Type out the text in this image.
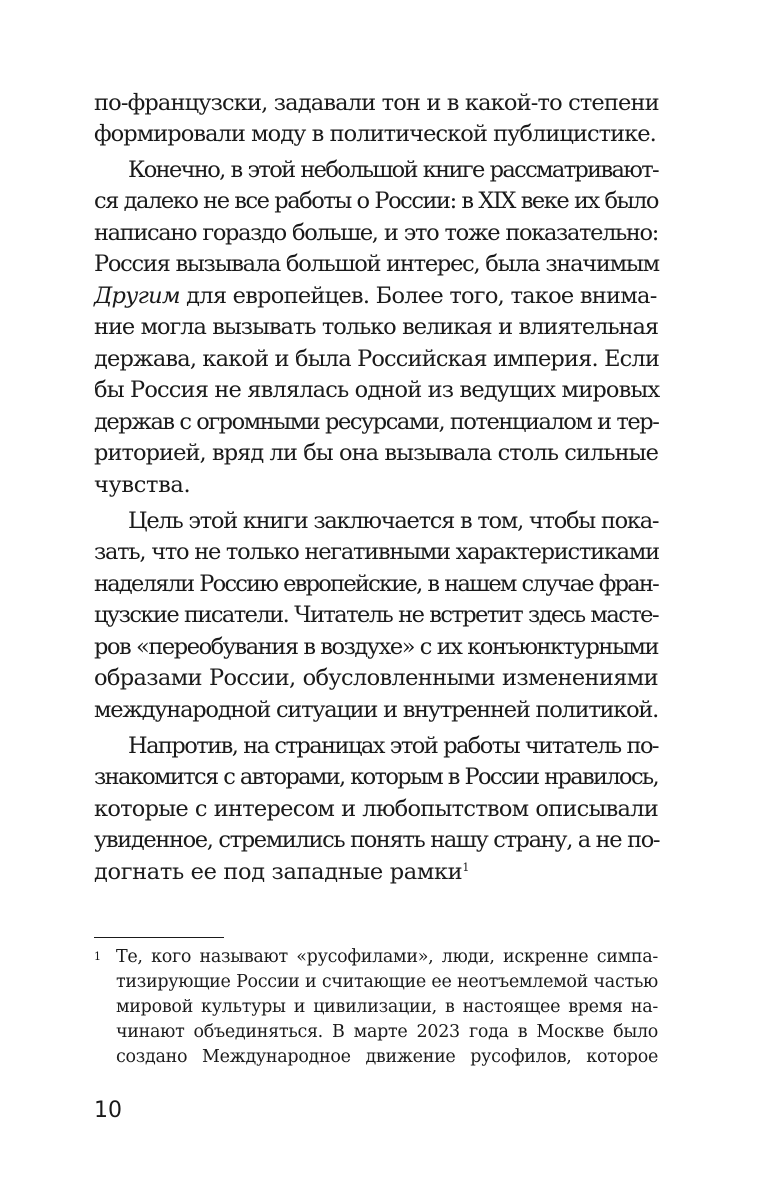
по-французски, задавали тон и в какой-то степени
формировали моду в политической публицистике.
Конечно, в этой небольшой книге рассматривают-
ся далеко не все работы о России: в XIX веке их было
написано гораздо больше, и это тоже показательно:
Россия вызывала большой интерес, была значимым
Другим для европейцев. Более того, такое внима-
ние могла вызывать только великая и влиятельная
держава, какой и была Российская империя. Если
бы Россия не являлась одной из ведущих мировых
держав с огромными ресурсами, потенциалом и тер-
риторией, вряд ли бы она вызывала столь сильные
чувства.
Цель этой книги заключается в том, чтобы пока-
зать, что не только негативными характеристиками
наделяли Россию европейские, в нашем случае фран-
цузские писатели. Читатель не встретит здесь масте-
ров «переобувания в воздухе» с их конъюнктурными
образами России, обусловленными изменениями
международной ситуации и внутренней политикой.
Напротив, на страницах этой работы читатель по-
знакомится с авторами, которым в России нравилось,
которые с интересом и любопытством описывали
увиденное, стремились понять нашу страну, а не по-
догнать ее под западные рамки$^1$
1 Те, кого называют «русофилами», люди, искренне симпа-
тизирующие России и считающие ее неотъемлемой частью
мировой культуры и цивилизации, в настоящее время на-
чинают объединяться. В марте 2023 года в Москве было
создано Международное движение русофилов, которое
10
